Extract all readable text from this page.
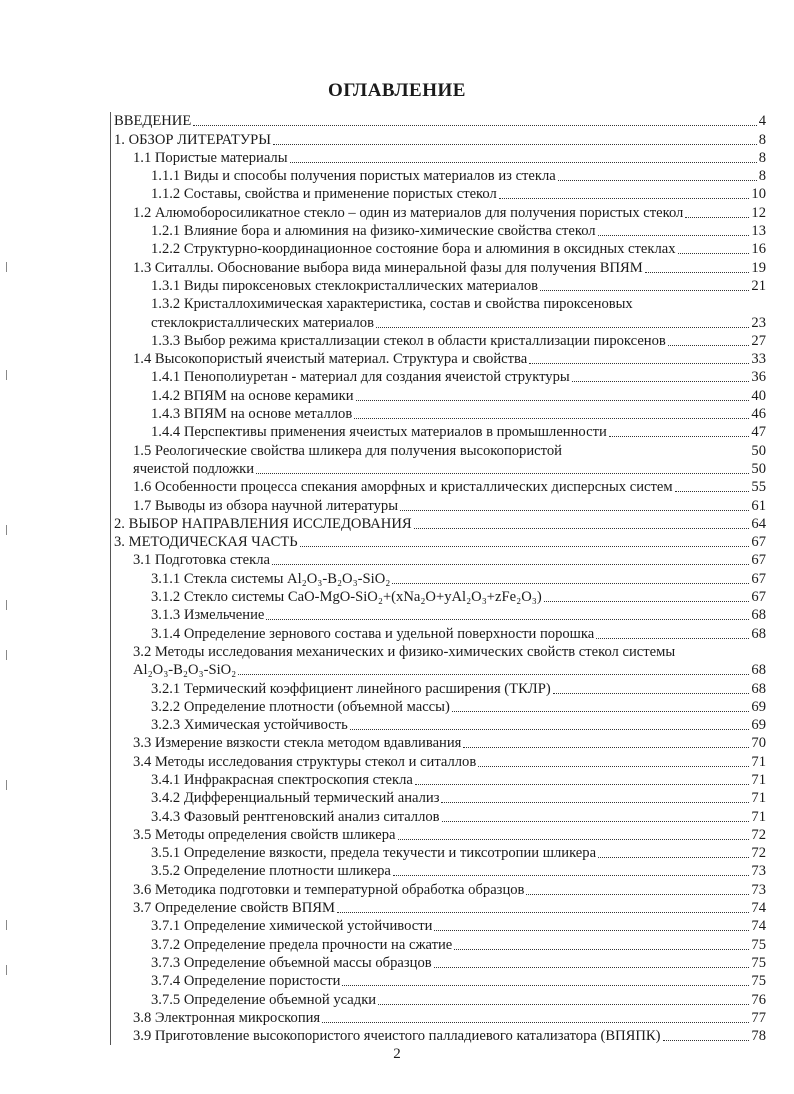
ОГЛАВЛЕНИЕ
ВВЕДЕНИЕ	4
1. ОБЗОР ЛИТЕРАТУРЫ	8
1.1 Пористые материалы	8
1.1.1 Виды и способы получения пористых материалов из стекла	8
1.1.2 Составы, свойства и применение пористых стекол	10
1.2 Алюмоборосиликатное стекло – один из материалов для получения пористых стекол	12
1.2.1 Влияние бора и алюминия на физико-химические свойства стекол	13
1.2.2 Структурно-координационное состояние бора и алюминия в оксидных стеклах	16
1.3 Ситаллы. Обоснование выбора вида минеральной фазы для получения ВПЯМ	19
1.3.1 Виды пироксеновых стеклокристаллических материалов	21
1.3.2 Кристаллохимическая характеристика, состав и свойства пироксеновых
стеклокристаллических материалов	23
1.3.3 Выбор режима кристаллизации стекол в области кристаллизации пироксенов	27
1.4 Высокопористый ячеистый материал. Структура и свойства	33
1.4.1 Пенополиуретан - материал для создания ячеистой структуры	36
1.4.2 ВПЯМ на основе керамики	40
1.4.3 ВПЯМ на основе металлов	46
1.4.4 Перспективы применения ячеистых материалов в промышленности	47
1.5 Реологические свойства шликера для получения высокопористой	50
ячеистой подложки	50
1.6 Особенности процесса спекания аморфных и кристаллических дисперсных систем	55
1.7 Выводы из обзора научной литературы	61
2. ВЫБОР НАПРАВЛЕНИЯ ИССЛЕДОВАНИЯ	64
3. МЕТОДИЧЕСКАЯ ЧАСТЬ	67
3.1 Подготовка стекла	67
3.1.1 Стекла системы Al₂O₃-B₂O₃-SiO₂	67
3.1.2 Стекло системы CaO-MgO-SiO₂+(xNa₂O+yAl₂O₃+zFe₂O₃)	67
3.1.3 Измельчение	68
3.1.4 Определение зернового состава и удельной поверхности порошка	68
3.2 Методы исследования механических и физико-химических свойств стекол системы
Al₂O₃-B₂O₃-SiO₂	68
3.2.1 Термический коэффициент линейного расширения (ТКЛР)	68
3.2.2 Определение плотности (объемной массы)	69
3.2.3 Химическая устойчивость	69
3.3 Измерение вязкости стекла методом вдавливания	70
3.4 Методы исследования структуры стекол и ситаллов	71
3.4.1 Инфракрасная спектроскопия стекла	71
3.4.2 Дифференциальный термический анализ	71
3.4.3 Фазовый рентгеновский анализ ситаллов	71
3.5 Методы определения свойств шликера	72
3.5.1 Определение вязкости, предела текучести и тиксотропии шликера	72
3.5.2 Определение плотности шликера	73
3.6 Методика подготовки и температурной обработка образцов	73
3.7 Определение свойств ВПЯМ	74
3.7.1 Определение химической устойчивости	74
3.7.2 Определение предела прочности на сжатие	75
3.7.3 Определение объемной массы образцов	75
3.7.4 Определение пористости	75
3.7.5 Определение объемной усадки	76
3.8 Электронная микроскопия	77
3.9 Приготовление высокопористого ячеистого палладиевого катализатора (ВПЯПК)	78
2
